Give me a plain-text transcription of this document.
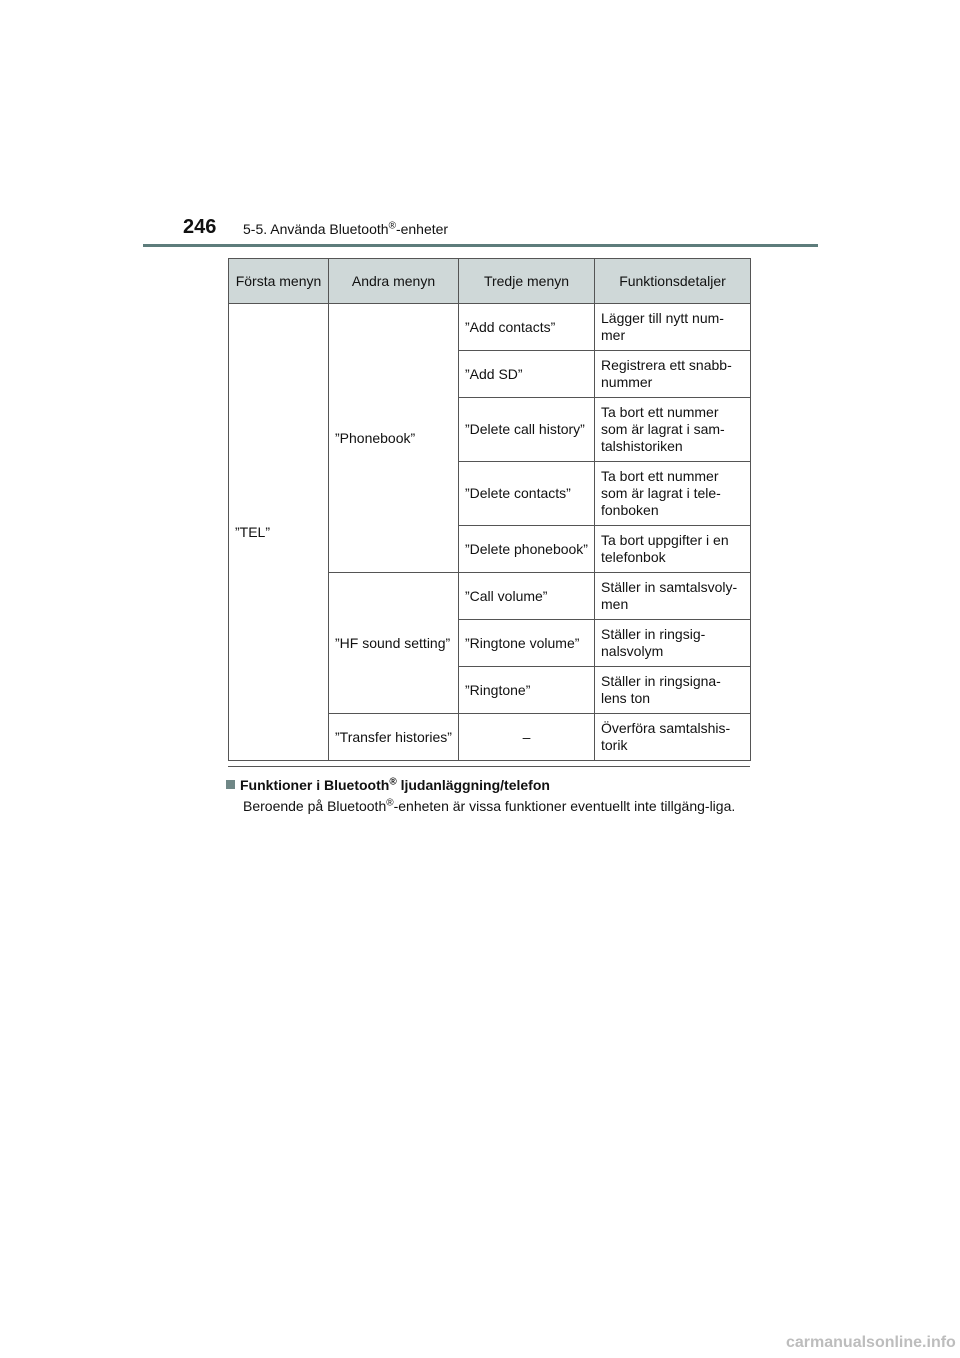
246 5-5. Använda Bluetooth®-enheter
Första menyn	Andra menyn	Tredje menyn	Funktionsdetaljer
”TEL”	”Phonebook”	”Add contacts”	Lägger till nytt num-mer
		”Add SD”	Registrera ett snabb-nummer
		”Delete call history”	Ta bort ett nummer som är lagrat i sam-talshistoriken
		”Delete contacts”	Ta bort ett nummer som är lagrat i tele-fonboken
		”Delete phonebook”	Ta bort uppgifter i en telefonbok
	”HF sound setting”	”Call volume”	Ställer in samtalsvoly-men
		”Ringtone volume”	Ställer in ringsig-nalsvolym
		”Ringtone”	Ställer in ringsigna-lens ton
	”Transfer histories”	–	Överföra samtalshis-torik
Funktioner i Bluetooth® ljudanläggning/telefon
Beroende på Bluetooth®-enheten är vissa funktioner eventuellt inte tillgäng-liga.
carmanualsonline.info
